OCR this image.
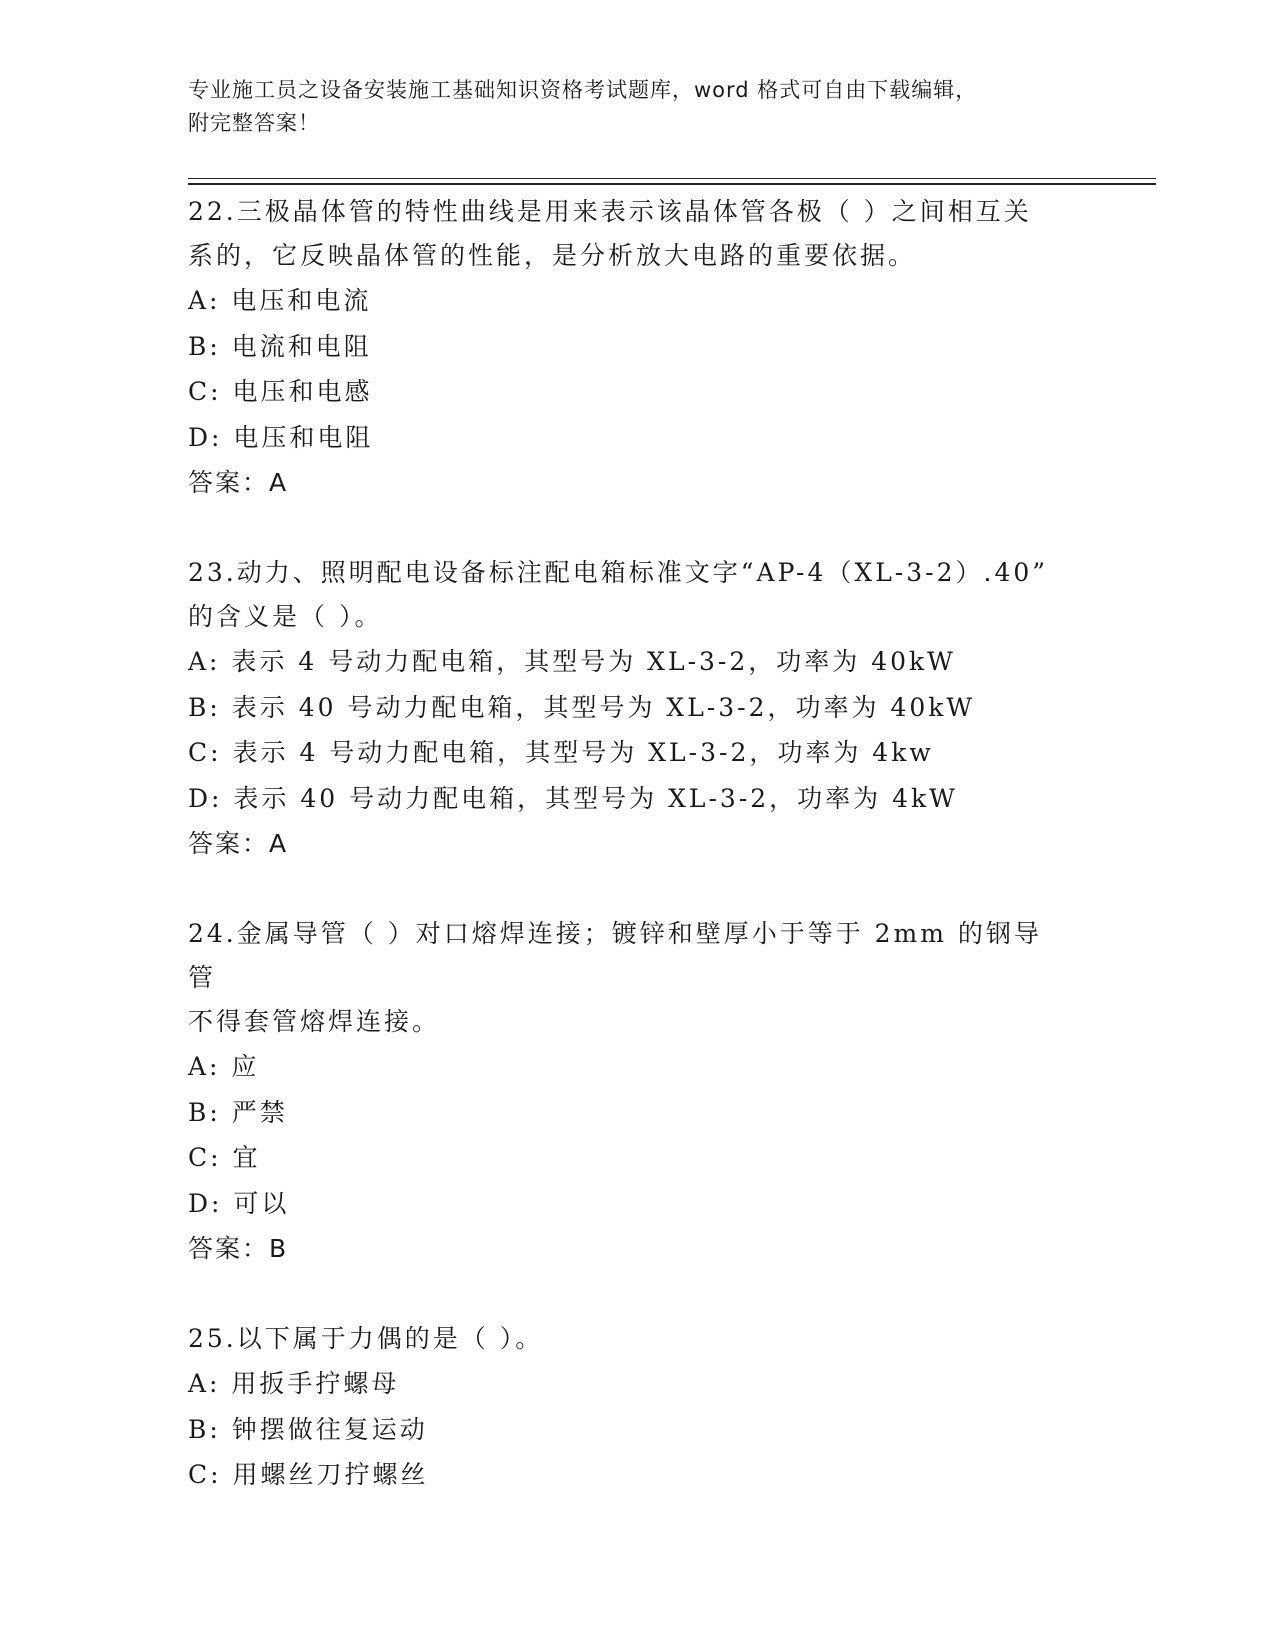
专业施工员之设备安装施工基础知识资格考试题库，word 格式可自由下载编辑，
附完整答案！

22.三极晶体管的特性曲线是用来表示该晶体管各极（ ）之间相互关

系的，它反映晶体管的性能，是分析放大电路的重要依据。

A: 电压和电流

B: 电流和电阻

C: 电压和电感

D: 电压和电阻

答案：A

23.动力、照明配电设备标注配电箱标准文字“AP-4（XL-3-2）.40”

的含义是（ ）。

A: 表示 4 号动力配电箱，其型号为 XL-3-2，功率为 40kW

B: 表示 40 号动力配电箱，其型号为 XL-3-2，功率为 40kW

C: 表示 4 号动力配电箱，其型号为 XL-3-2，功率为 4kw

D: 表示 40 号动力配电箱，其型号为 XL-3-2，功率为 4kW

答案：A

24.金属导管（ ）对口熔焊连接；镀锌和壁厚小于等于 2mm 的钢导管

不得套管熔焊连接。

A: 应

B: 严禁

C: 宜

D: 可以

答案：B

25.以下属于力偶的是（ ）。

A: 用扳手拧螺母

B: 钟摆做往复运动

C: 用螺丝刀拧螺丝
